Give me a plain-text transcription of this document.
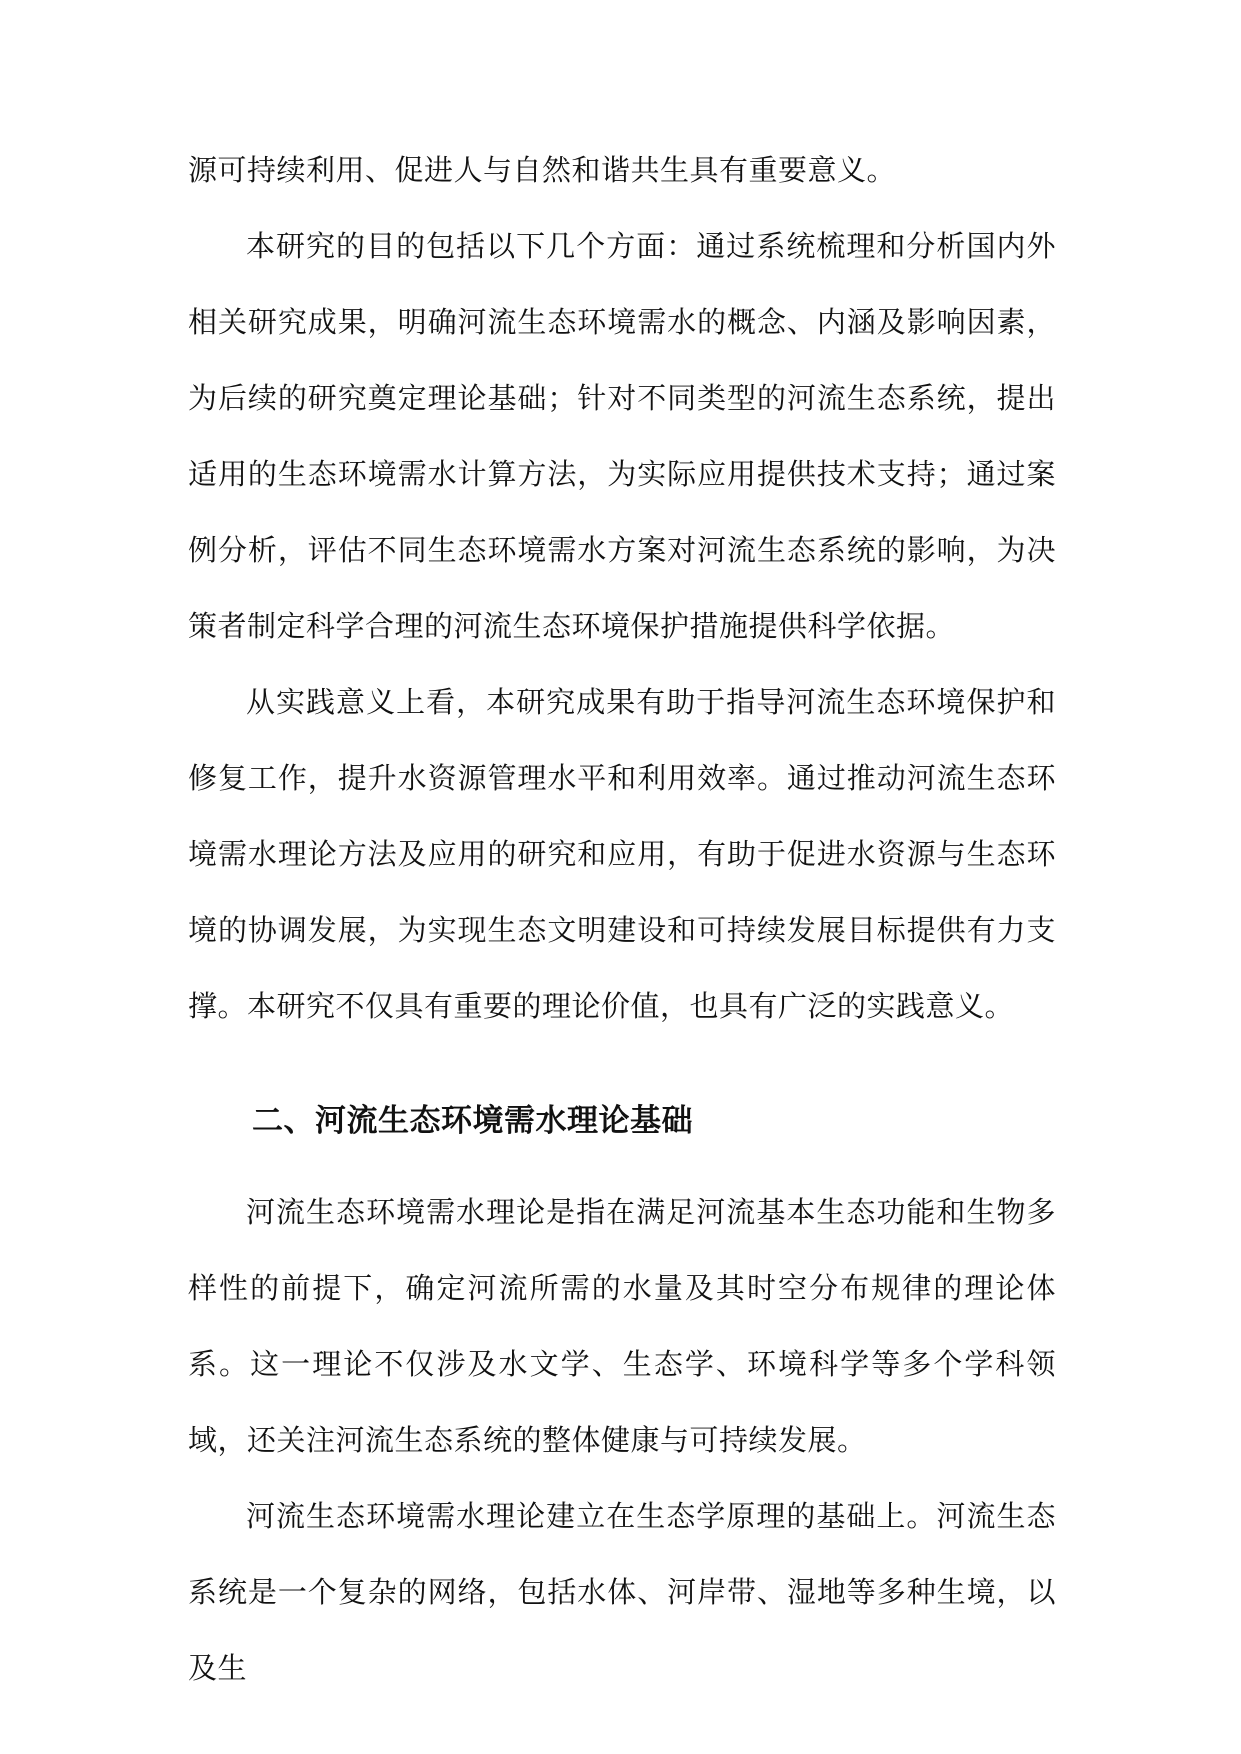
源可持续利用、促进人与自然和谐共生具有重要意义。

本研究的目的包括以下几个方面：通过系统梳理和分析国内外相关研究成果，明确河流生态环境需水的概念、内涵及影响因素，为后续的研究奠定理论基础；针对不同类型的河流生态系统，提出适用的生态环境需水计算方法，为实际应用提供技术支持；通过案例分析，评估不同生态环境需水方案对河流生态系统的影响，为决策者制定科学合理的河流生态环境保护措施提供科学依据。

从实践意义上看，本研究成果有助于指导河流生态环境保护和修复工作，提升水资源管理水平和利用效率。通过推动河流生态环境需水理论方法及应用的研究和应用，有助于促进水资源与生态环境的协调发展，为实现生态文明建设和可持续发展目标提供有力支撑。本研究不仅具有重要的理论价值，也具有广泛的实践意义。

二、河流生态环境需水理论基础

河流生态环境需水理论是指在满足河流基本生态功能和生物多样性的前提下，确定河流所需的水量及其时空分布规律的理论体系。这一理论不仅涉及水文学、生态学、环境科学等多个学科领域，还关注河流生态系统的整体健康与可持续发展。

河流生态环境需水理论建立在生态学原理的基础上。河流生态系统是一个复杂的网络，包括水体、河岸带、湿地等多种生境，以及生
